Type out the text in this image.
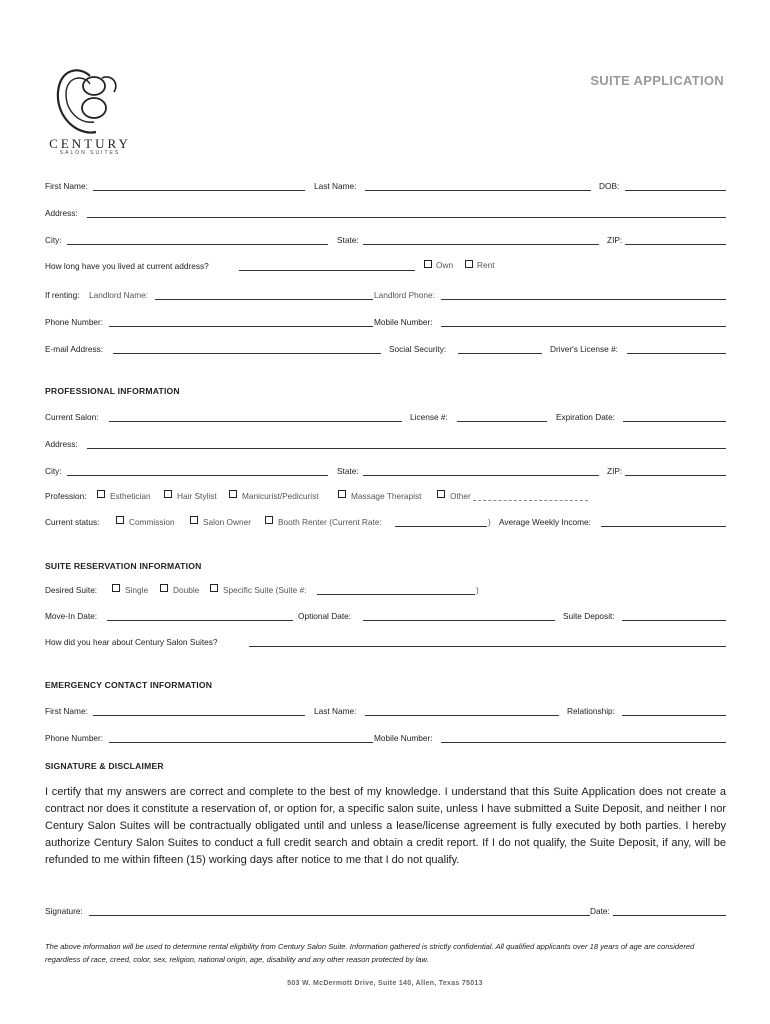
CENTURY
SALON SUITES
SUITE APPLICATION
First Name:	Last Name:	DOB:
Address:
City:	State:	ZIP:
How long have you lived at current address?	Own	Rent
If renting: Landlord Name:	Landlord Phone:
Phone Number:	Mobile Number:
E-mail Address:	Social Security:	Driver's License #:
PROFESSIONAL INFORMATION
Current Salon:	License #:	Expiration Date:
Address:
City:	State:	ZIP:
Profession:	Esthetician	Hair Stylist	Manicurist/Pedicurist	Massage Therapist	Other
Current status:	Commission	Salon Owner	Booth Renter (Current Rate:	) Average Weekly Income:
SUITE RESERVATION INFORMATION
Desired Suite:	Single	Double	Specific Suite (Suite #:	)
Move-In Date:	Optional Date:	Suite Deposit:
How did you hear about Century Salon Suites?
EMERGENCY CONTACT INFORMATION
First Name:	Last Name:	Relationship:
Phone Number:	Mobile Number:
SIGNATURE & DISCLAIMER
I certify that my answers are correct and complete to the best of my knowledge. I understand that this Suite Application does not create a contract nor does it constitute a reservation of, or option for, a specific salon suite, unless I have submitted a Suite Deposit, and neither I nor Century Salon Suites will be contractually obligated until and unless a lease/license agreement is fully executed by both parties. I hereby authorize Century Salon Suites to conduct a full credit search and obtain a credit report. If I do not qualify, the Suite Deposit, if any, will be refunded to me within fifteen (15) working days after notice to me that I do not qualify.
Signature:	Date:
The above information will be used to determine rental eligibility from Century Salon Suite. Information gathered is strictly confidential. All qualified applicants over 18 years of age are considered regardless of race, creed, color, sex, religion, national origin, age, disability and any other reason protected by law.
503 W. McDermott Drive, Suite 140, Allen, Texas 75013
